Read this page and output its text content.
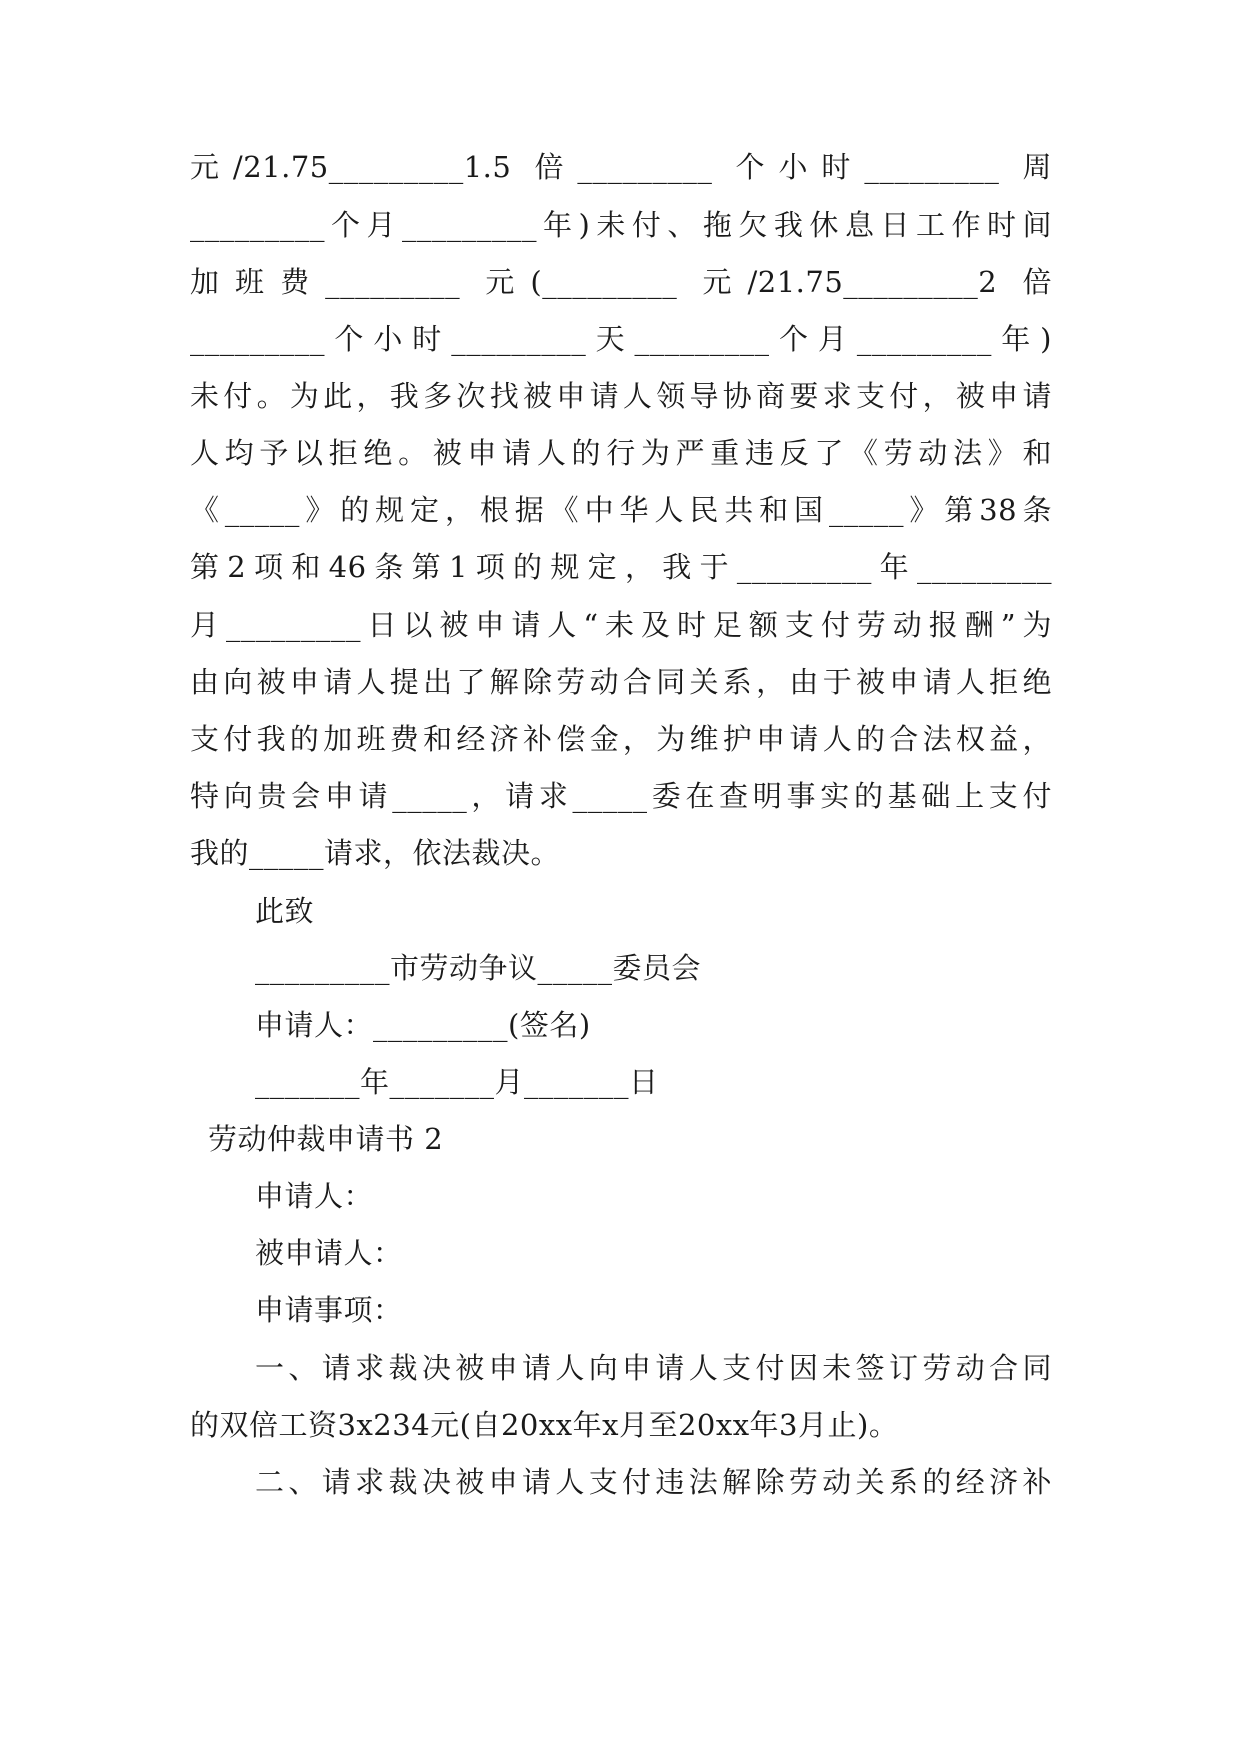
元/21.75_________1.5 倍_________ 个小时_________ 周
_________个月_________年)未付、拖欠我休息日工作时间
加班费_________ 元(_________ 元/21.75_________2 倍
_________个小时_________天_________个月_________年)
未付。为此，我多次找被申请人领导协商要求支付，被申请
人均予以拒绝。被申请人的行为严重违反了《劳动法》和
《_____》的规定，根据《中华人民共和国_____》第38条
第2项和46条第1项的规定，我于_________年_________
月_________日以被申请人“未及时足额支付劳动报酬”为
由向被申请人提出了解除劳动合同关系，由于被申请人拒绝
支付我的加班费和经济补偿金，为维护申请人的合法权益，
特向贵会申请_____，请求_____委在查明事实的基础上支付
我的_____请求，依法裁决。
此致
_________市劳动争议_____委员会
申请人：_________(签名)
_______年_______月_______日
劳动仲裁申请书 2
申请人：
被申请人：
申请事项：
一、请求裁决被申请人向申请人支付因未签订劳动合同
的双倍工资3x234元(自20xx年x月至20xx年3月止)。
二、请求裁决被申请人支付违法解除劳动关系的经济补
